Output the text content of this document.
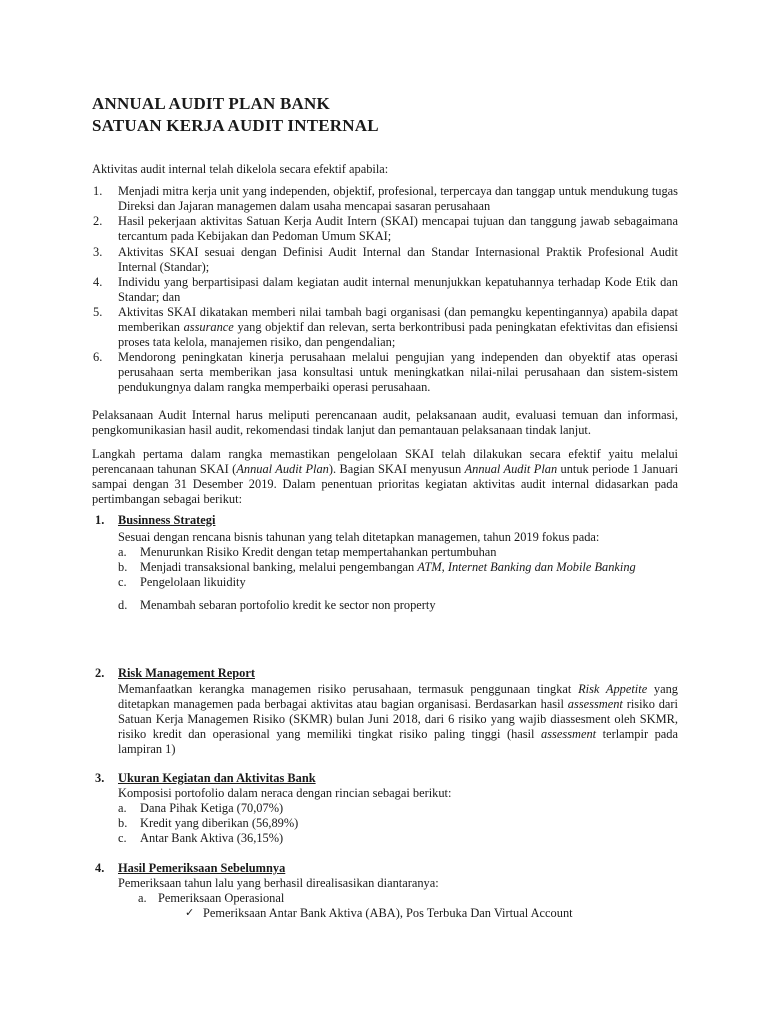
ANNUAL AUDIT PLAN BANK
SATUAN KERJA AUDIT INTERNAL
Aktivitas audit internal telah dikelola secara efektif apabila:
1.	Menjadi mitra kerja unit yang independen, objektif, profesional, terpercaya dan tanggap untuk mendukung tugas Direksi dan Jajaran managemen dalam usaha mencapai sasaran perusahaan
2.	Hasil pekerjaan aktivitas Satuan Kerja Audit Intern (SKAI) mencapai tujuan dan tanggung jawab sebagaimana tercantum pada Kebijakan dan Pedoman Umum SKAI;
3.	Aktivitas SKAI sesuai dengan Definisi Audit Internal dan Standar Internasional Praktik Profesional Audit Internal (Standar);
4.	Individu yang berpartisipasi dalam kegiatan audit internal menunjukkan kepatuhannya terhadap Kode Etik dan Standar; dan
5.	Aktivitas SKAI dikatakan memberi nilai tambah bagi organisasi (dan pemangku kepentingannya) apabila dapat memberikan assurance yang objektif dan relevan, serta berkontribusi pada peningkatan efektivitas dan efisiensi proses tata kelola, manajemen risiko, dan pengendalian;
6.	Mendorong peningkatan kinerja perusahaan melalui pengujian yang independen dan obyektif atas operasi perusahaan serta memberikan jasa konsultasi untuk meningkatkan nilai-nilai perusahaan dan sistem-sistem pendukungnya dalam rangka memperbaiki operasi perusahaan.
Pelaksanaan Audit Internal harus meliputi perencanaan audit, pelaksanaan audit, evaluasi temuan dan informasi, pengkomunikasian hasil audit, rekomendasi tindak lanjut dan pemantauan pelaksanaan tindak lanjut.
Langkah pertama dalam rangka memastikan pengelolaan SKAI telah dilakukan secara efektif yaitu melalui perencanaan tahunan SKAI (Annual Audit Plan). Bagian SKAI menyusun Annual Audit Plan untuk periode 1 Januari sampai dengan 31 Desember 2019. Dalam penentuan prioritas kegiatan aktivitas audit internal didasarkan pada pertimbangan sebagai berikut:
1. Businness Strategi
Sesuai dengan rencana bisnis tahunan yang telah ditetapkan managemen, tahun 2019 fokus pada:
a.	Menurunkan Risiko Kredit dengan tetap mempertahankan pertumbuhan
b.	Menjadi transaksional banking, melalui pengembangan ATM, Internet Banking dan Mobile Banking
c.	Pengelolaan likuidity
d.	Menambah sebaran portofolio kredit ke sector non property
2. Risk Management Report
Memanfaatkan kerangka managemen risiko perusahaan, termasuk penggunaan tingkat Risk Appetite yang ditetapkan managemen pada berbagai aktivitas atau bagian organisasi. Berdasarkan hasil assessment risiko dari Satuan Kerja Managemen Risiko (SKMR) bulan Juni 2018, dari 6 risiko yang wajib diassesment oleh SKMR, risiko kredit dan operasional yang memiliki tingkat risiko paling tinggi (hasil assessment terlampir pada lampiran 1)
3. Ukuran Kegiatan dan Aktivitas Bank
Komposisi portofolio dalam neraca dengan rincian sebagai berikut:
a.	Dana Pihak Ketiga (70,07%)
b.	Kredit yang diberikan (56,89%)
c.	Antar Bank Aktiva (36,15%)
4. Hasil Pemeriksaan Sebelumnya
Pemeriksaan tahun lalu yang berhasil direalisasikan diantaranya:
a. Pemeriksaan Operasional
✓ Pemeriksaan Antar Bank Aktiva (ABA), Pos Terbuka Dan Virtual Account
